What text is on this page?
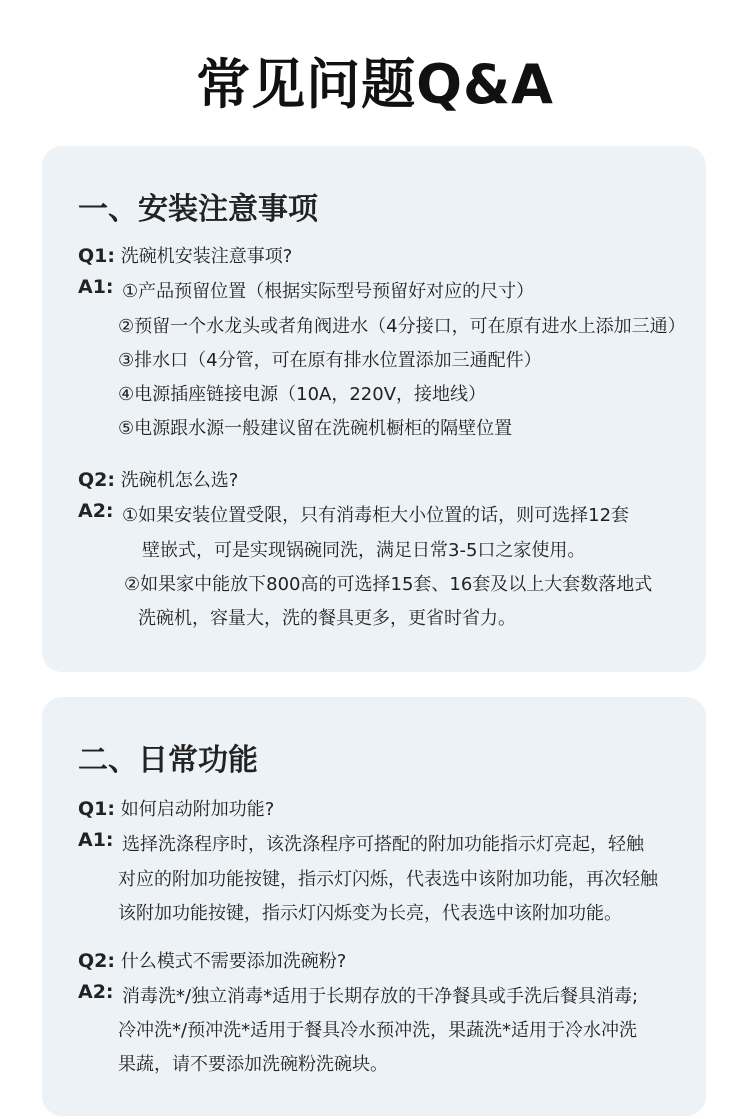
常见问题Q&A
一、安装注意事项
Q1: 洗碗机安装注意事项?
A1: ①产品预留位置（根据实际型号预留好对应的尺寸）
②预留一个水龙头或者角阀进水（4分接口，可在原有进水上添加三通）
③排水口（4分管，可在原有排水位置添加三通配件）
④电源插座链接电源（10A，220V，接地线）
⑤电源跟水源一般建议留在洗碗机橱柜的隔壁位置
Q2: 洗碗机怎么选?
A2: ①如果安装位置受限，只有消毒柜大小位置的话，则可选择12套
壁嵌式，可是实现锅碗同洗，满足日常3-5口之家使用。
②如果家中能放下800高的可选择15套、16套及以上大套数落地式
洗碗机，容量大，洗的餐具更多，更省时省力。
二、日常功能
Q1: 如何启动附加功能?
A1: 选择洗涤程序时，该洗涤程序可搭配的附加功能指示灯亮起，轻触
对应的附加功能按键，指示灯闪烁，代表选中该附加功能，再次轻触
该附加功能按键，指示灯闪烁变为长亮，代表选中该附加功能。
Q2: 什么模式不需要添加洗碗粉?
A2: 消毒洗*/独立消毒*适用于长期存放的干净餐具或手洗后餐具消毒;
冷冲洗*/预冲洗*适用于餐具冷水预冲洗，果蔬洗*适用于冷水冲洗
果蔬，请不要添加洗碗粉洗碗块。
